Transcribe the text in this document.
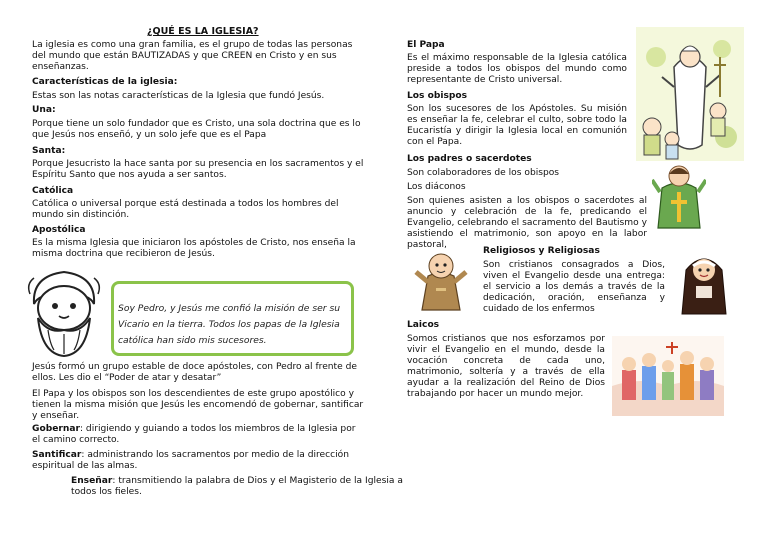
¿QUÉ ES LA IGLESIA?

La iglesia es como una gran familia, es el grupo de todas las personas del mundo que están BAUTIZADAS y que CREEN en Cristo y en sus enseñanzas.

Características de la iglesia:

Estas son las notas características de la Iglesia que fundó Jesús.

Una:

Porque tiene un solo fundador que es Cristo, una sola doctrina que es lo que Jesús nos enseñó, y un solo jefe que es el Papa

Santa:

Porque Jesucristo la hace santa por su presencia en los sacramentos y el Espíritu Santo que nos ayuda a ser santos.

Católica

Católica o universal porque está destinada a todos los hombres del mundo sin distinción.

Apostólica

Es la misma Iglesia que iniciaron los apóstoles de Cristo, nos enseña la misma doctrina que recibieron de Jesús.

Soy Pedro, y Jesús me confió la misión de ser su Vicario en la tierra. Todos los papas de la Iglesia católica han sido mis sucesores.

Jesús formó un grupo estable de doce apóstoles, con Pedro al frente de ellos. Les dio el “Poder de atar y desatar”

El Papa y los obispos son los descendientes de este grupo apostólico y tienen la misma misión que Jesús les encomendó de gobernar, santificar y enseñar.

Gobernar: dirigiendo y guiando a todos los miembros de la Iglesia por el camino correcto.

Santificar: administrando los sacramentos por medio de la dirección espiritual de las almas.

Enseñar: transmitiendo la palabra de Dios y el Magisterio de la Iglesia a todos los fieles.

El Papa

Es el máximo responsable de la Iglesia católica preside a todos los obispos del mundo como representante de Cristo universal.

Los obispos

Son los sucesores de los Apóstoles. Su misión es enseñar la fe, celebrar el culto, sobre todo la Eucaristía y dirigir la Iglesia local en comunión con el Papa.

Los padres o sacerdotes

Son colaboradores de los obispos

Los diáconos

Son quienes asisten a los obispos o sacerdotes al anuncio y celebración de la fe, predicando el Evangelio, celebrando el sacramento del Bautismo y asistiendo el matrimonio, son apoyo en la labor pastoral,

Religiosos y Religiosas

Son cristianos consagrados a Dios, viven el Evangelio desde una entrega: el servicio a los demás a través de la dedicación, oración, enseñanza y cuidado de los enfermos

Laicos

Somos cristianos que nos esforzamos por vivir el Evangelio en el mundo, desde la vocación concreta de cada uno, matrimonio, soltería y a través de ella ayudar a la realización del Reino de Dios trabajando por hacer un mundo mejor.
